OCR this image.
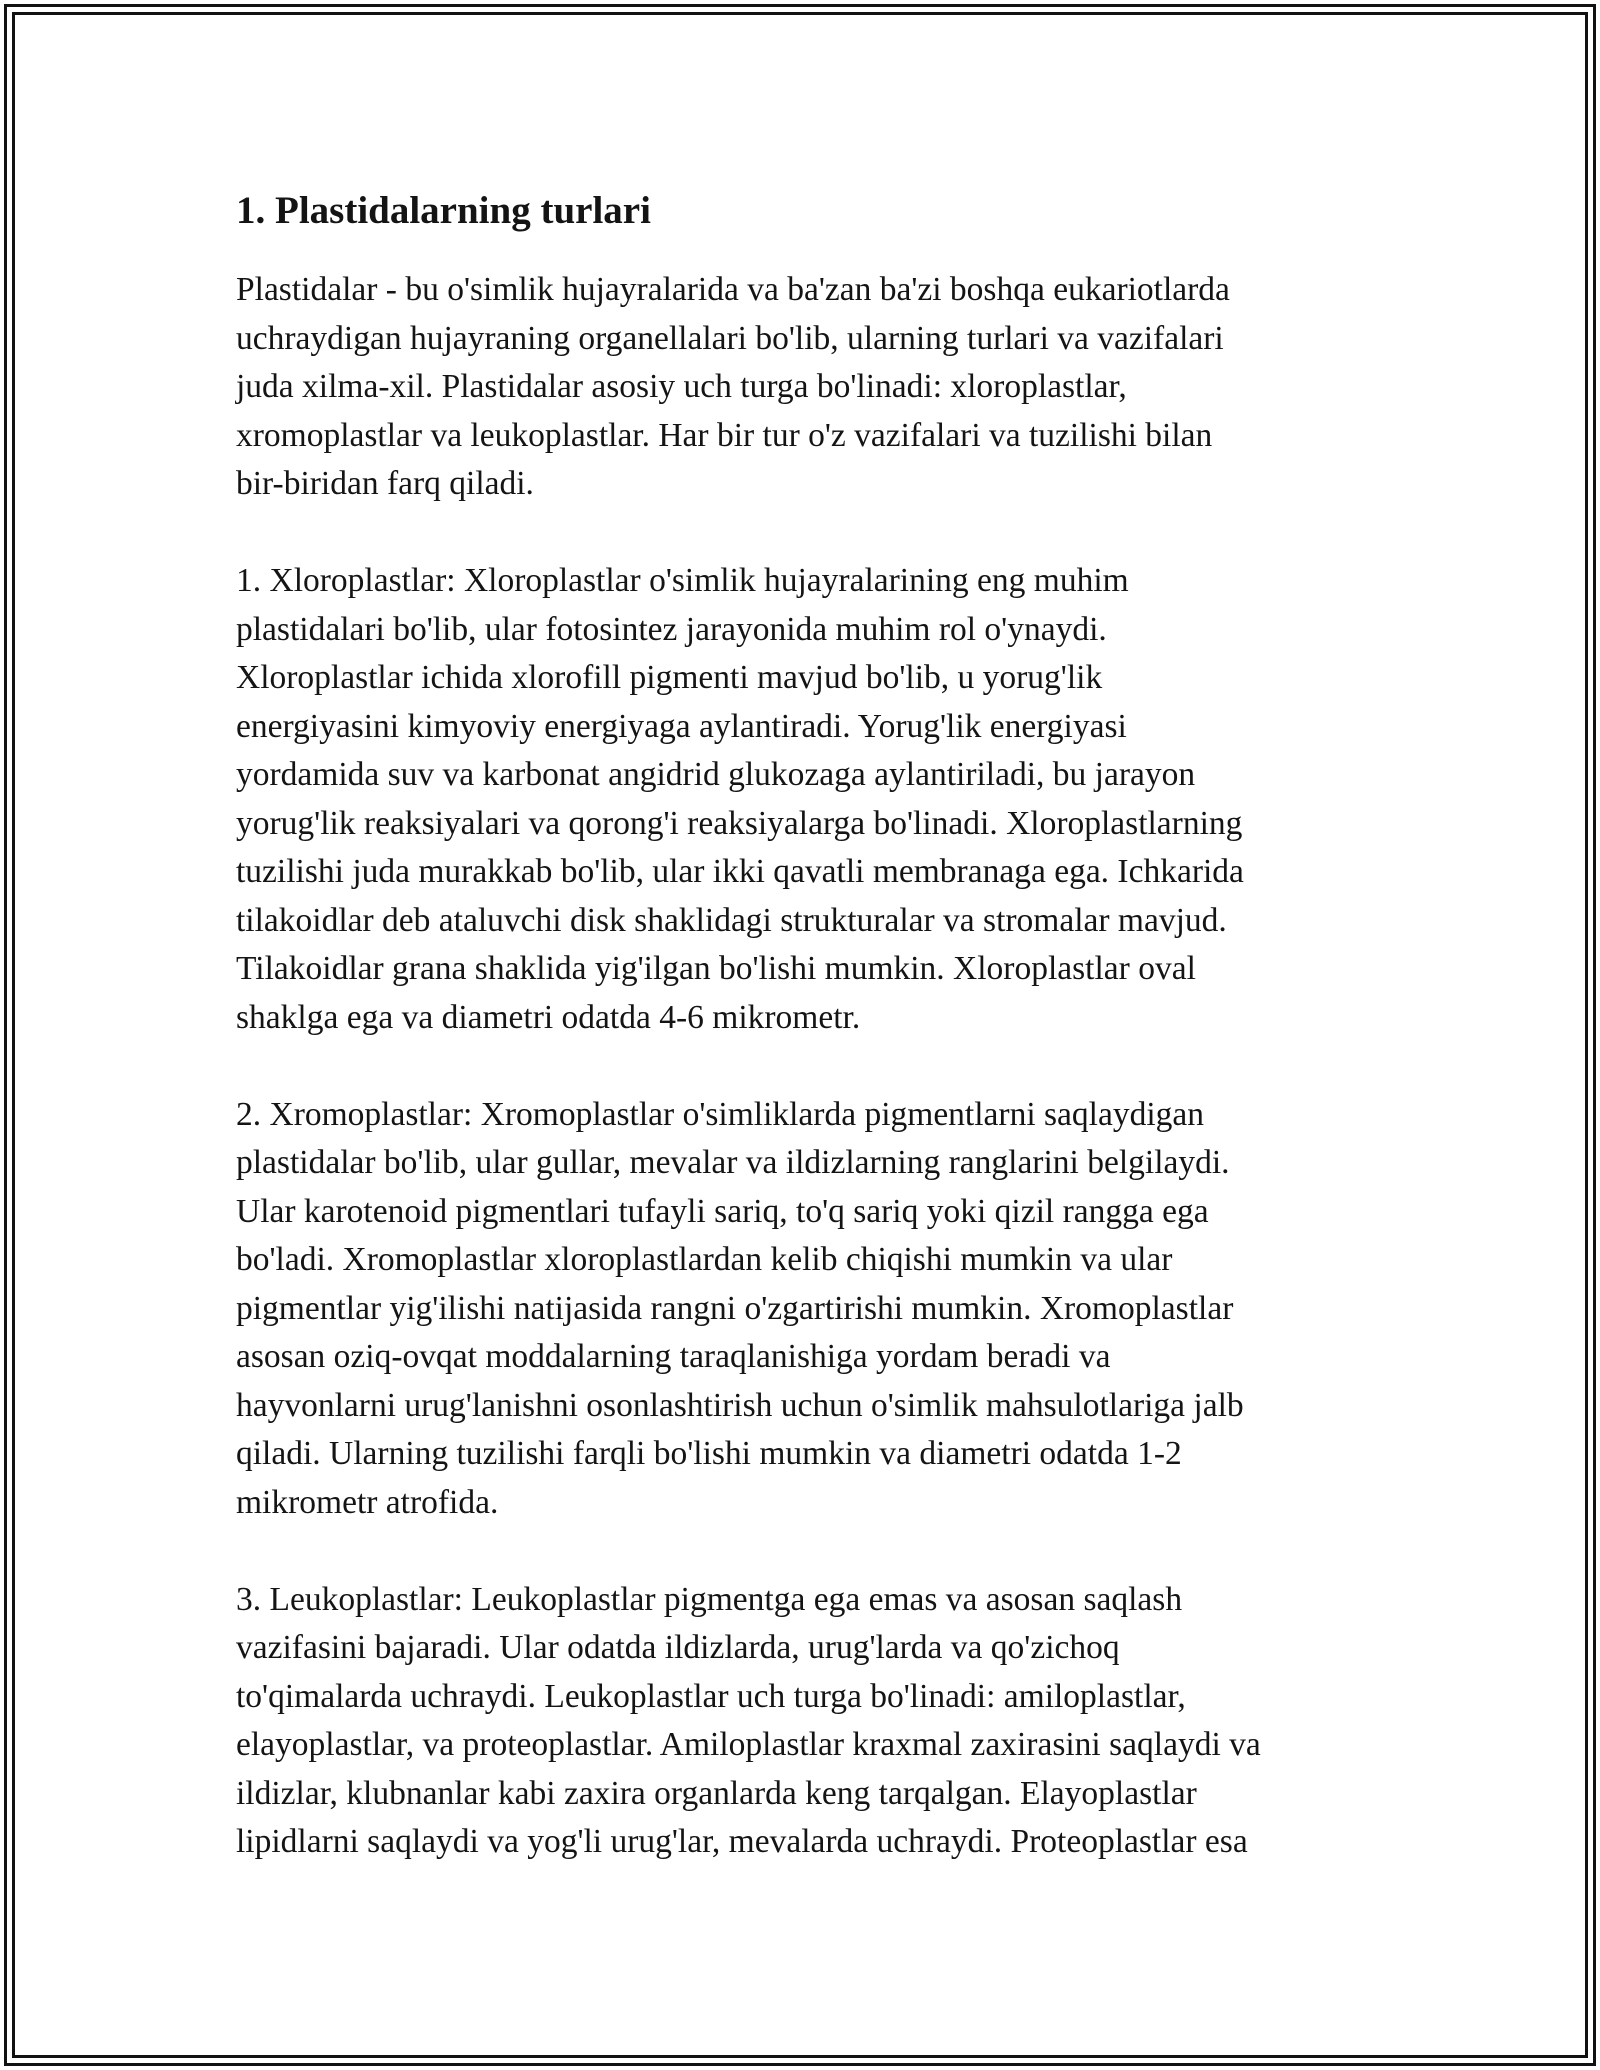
1. Plastidalarning turlari

Plastidalar - bu o'simlik hujayralarida va ba'zan ba'zi boshqa eukariotlarda
uchraydigan hujayraning organellalari bo'lib, ularning turlari va vazifalari
juda xilma-xil. Plastidalar asosiy uch turga bo'linadi: xloroplastlar,
xromoplastlar va leukoplastlar. Har bir tur o'z vazifalari va tuzilishi bilan
bir-biridan farq qiladi.

1. Xloroplastlar: Xloroplastlar o'simlik hujayralarining eng muhim
plastidalari bo'lib, ular fotosintez jarayonida muhim rol o'ynaydi.
Xloroplastlar ichida xlorofill pigmenti mavjud bo'lib, u yorug'lik
energiyasini kimyoviy energiyaga aylantiradi. Yorug'lik energiyasi
yordamida suv va karbonat angidrid glukozaga aylantiriladi, bu jarayon
yorug'lik reaksiyalari va qorong'i reaksiyalarga bo'linadi. Xloroplastlarning
tuzilishi juda murakkab bo'lib, ular ikki qavatli membranaga ega. Ichkarida
tilakoidlar deb ataluvchi disk shaklidagi strukturalar va stromalar mavjud.
Tilakoidlar grana shaklida yig'ilgan bo'lishi mumkin. Xloroplastlar oval
shaklga ega va diametri odatda 4-6 mikrometr.

2. Xromoplastlar: Xromoplastlar o'simliklarda pigmentlarni saqlaydigan
plastidalar bo'lib, ular gullar, mevalar va ildizlarning ranglarini belgilaydi.
Ular karotenoid pigmentlari tufayli sariq, to'q sariq yoki qizil rangga ega
bo'ladi. Xromoplastlar xloroplastlardan kelib chiqishi mumkin va ular
pigmentlar yig'ilishi natijasida rangni o'zgartirishi mumkin. Xromoplastlar
asosan oziq-ovqat moddalarning taraqlanishiga yordam beradi va
hayvonlarni urug'lanishni osonlashtirish uchun o'simlik mahsulotlariga jalb
qiladi. Ularning tuzilishi farqli bo'lishi mumkin va diametri odatda 1-2
mikrometr atrofida.

3. Leukoplastlar: Leukoplastlar pigmentga ega emas va asosan saqlash
vazifasini bajaradi. Ular odatda ildizlarda, urug'larda va qo'zichoq
to'qimalarda uchraydi. Leukoplastlar uch turga bo'linadi: amiloplastlar,
elayoplastlar, va proteoplastlar. Amiloplastlar kraxmal zaxirasini saqlaydi va
ildizlar, klubnanlar kabi zaxira organlarda keng tarqalgan. Elayoplastlar
lipidlarni saqlaydi va yog'li urug'lar, mevalarda uchraydi. Proteoplastlar esa
